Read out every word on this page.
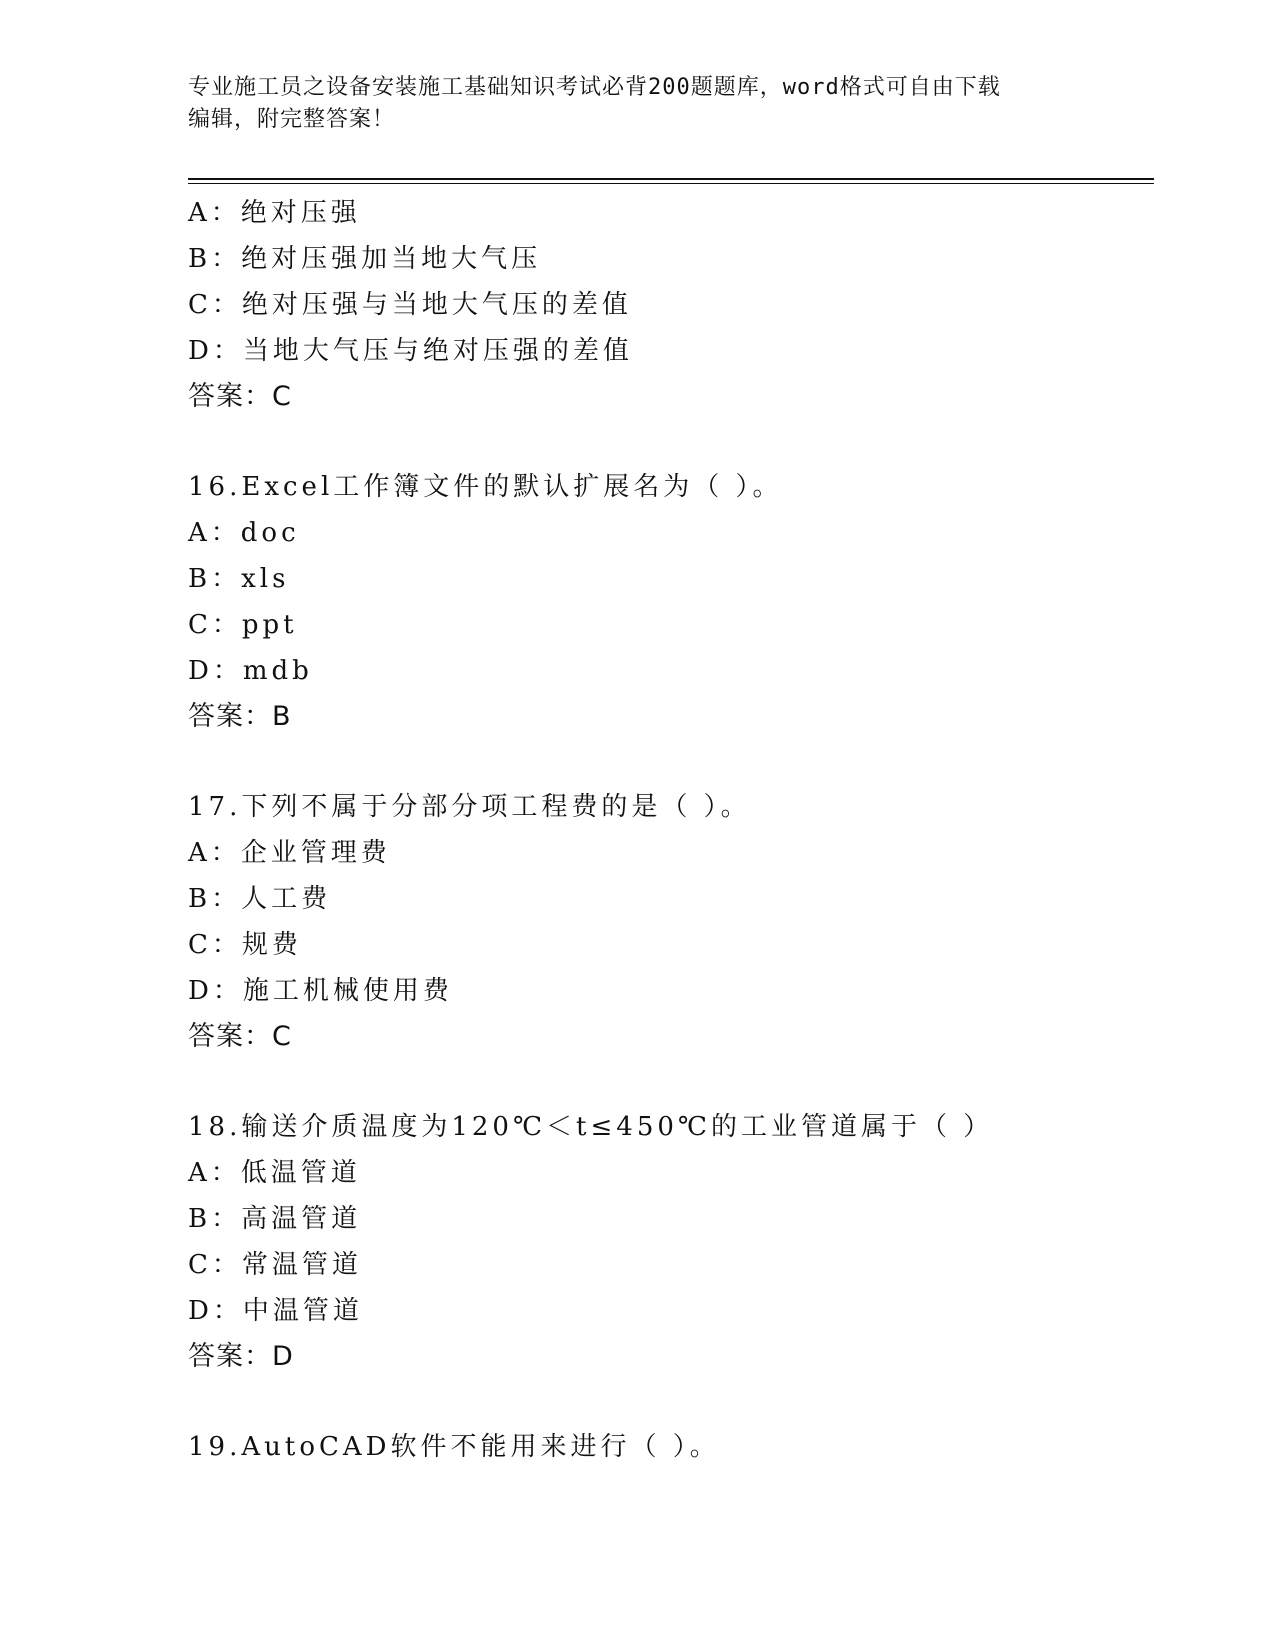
专业施工员之设备安装施工基础知识考试必背200题题库，word格式可自由下载
编辑，附完整答案！
A：绝对压强
B：绝对压强加当地大气压
C：绝对压强与当地大气压的差值
D：当地大气压与绝对压强的差值
答案：C
16.Excel工作簿文件的默认扩展名为（ ）。
A：doc
B：xls
C：ppt
D：mdb
答案：B
17.下列不属于分部分项工程费的是（ ）。
A：企业管理费
B：人工费
C：规费
D：施工机械使用费
答案：C
18.输送介质温度为120℃＜t≤450℃的工业管道属于（ ）
A：低温管道
B：高温管道
C：常温管道
D：中温管道
答案：D
19.AutoCAD软件不能用来进行（ ）。
